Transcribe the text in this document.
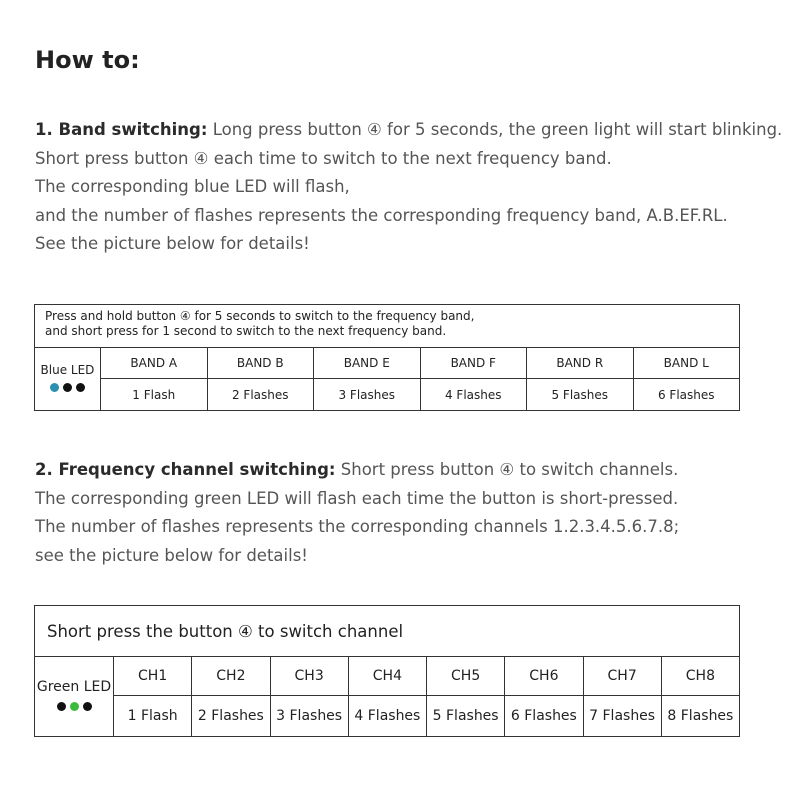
How to:

1. Band switching: Long press button ④ for 5 seconds, the green light will start blinking.

Short press button ④ each time to switch to the next frequency band.

The corresponding blue LED will flash,

and the number of flashes represents the corresponding frequency band, A.B.EF.RL.

See the picture below for details!

Press and hold button ④ for 5 seconds to switch to the frequency band,
and short press for 1 second to switch to the next frequency band.						

Blue LED	BAND A	BAND B	BAND E	BAND F	BAND R	BAND L
	1 Flash	2 Flashes	3 Flashes	4 Flashes	5 Flashes	6 Flashes

2. Frequency channel switching: Short press button ④ to switch channels.

The corresponding green LED will flash each time the button is short-pressed.

The number of flashes represents the corresponding channels 1.2.3.4.5.6.7.8;

see the picture below for details!

Short press the button ④ to switch channel								

Green LED	CH1	CH2	CH3	CH4	CH5	CH6	CH7	CH8
	1 Flash	2 Flashes	3 Flashes	4 Flashes	5 Flashes	6 Flashes	7 Flashes	8 Flashes
